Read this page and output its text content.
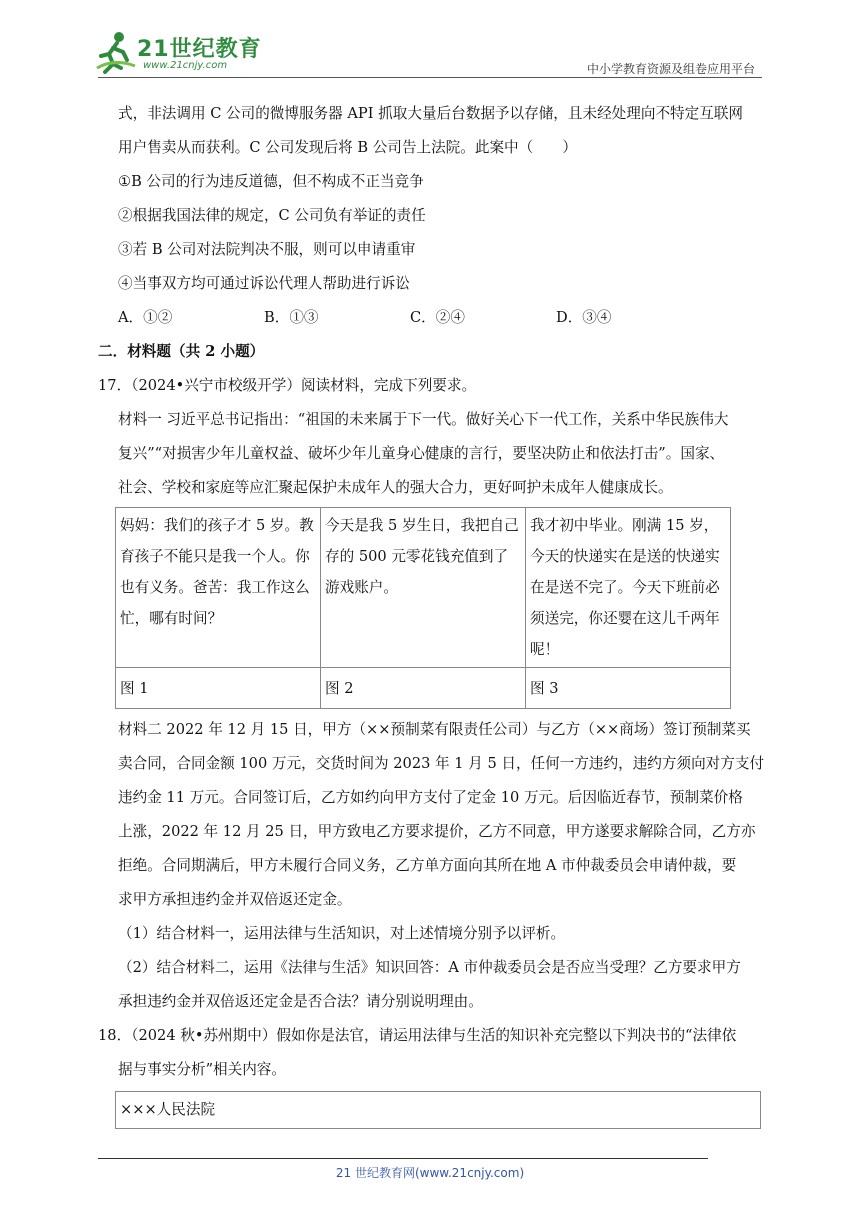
21世纪教育
www.21cnjy.com	中小学教育资源及组卷应用平台
式，非法调用 C 公司的微博服务器 API 抓取大量后台数据予以存储，且未经处理向不特定互联网
用户售卖从而获利。C 公司发现后将 B 公司告上法院。此案中（　　）
①B 公司的行为违反道德，但不构成不正当竞争
②根据我国法律的规定，C 公司负有举证的责任
③若 B 公司对法院判决不服，则可以申请重审
④当事双方均可通过诉讼代理人帮助进行诉讼
A．①②	B．①③	C．②④	D．③④
二．材料题（共 2 小题）
17．（2024•兴宁市校级开学）阅读材料，完成下列要求。
材料一 习近平总书记指出：“祖国的未来属于下一代。做好关心下一代工作，关系中华民族伟大
复兴”“对损害少年儿童权益、破坏少年儿童身心健康的言行，要坚决防止和依法打击”。国家、
社会、学校和家庭等应汇聚起保护未成年人的强大合力，更好呵护未成年人健康成长。
妈妈：我们的孩子才 5 岁。教育孩子不能只是我一个人。你也有义务。爸苦：我工作这么忙，哪有时间？	今天是我 5 岁生日，我把自己存的 500 元零花钱充值到了游戏账户。	我才初中毕业。刚满 15 岁，今天的快递实在是送的快递实在是送不完了。今天下班前必须送完，你还婴在这儿千两年呢！
图 1	图 2	图 3
材料二 2022 年 12 月 15 日，甲方（××预制菜有限责任公司）与乙方（××商场）签订预制菜买
卖合同，合同金额 100 万元，交货时间为 2023 年 1 月 5 日，任何一方违约，违约方须向对方支付
违约金 11 万元。合同签订后，乙方如约向甲方支付了定金 10 万元。后因临近春节，预制菜价格
上涨，2022 年 12 月 25 日，甲方致电乙方要求提价，乙方不同意，甲方遂要求解除合同，乙方亦
拒绝。合同期满后，甲方未履行合同义务，乙方单方面向其所在地 A 市仲裁委员会申请仲裁，要
求甲方承担违约金并双倍返还定金。
（1）结合材料一，运用法律与生活知识，对上述情境分别予以评析。
（2）结合材料二，运用《法律与生活》知识回答：A 市仲裁委员会是否应当受理？乙方要求甲方
承担违约金并双倍返还定金是否合法？请分别说明理由。
18．（2024 秋•苏州期中）假如你是法官，请运用法律与生活的知识补充完整以下判决书的“法律依
据与事实分析”相关内容。
×××人民法院
21 世纪教育网(www.21cnjy.com)
